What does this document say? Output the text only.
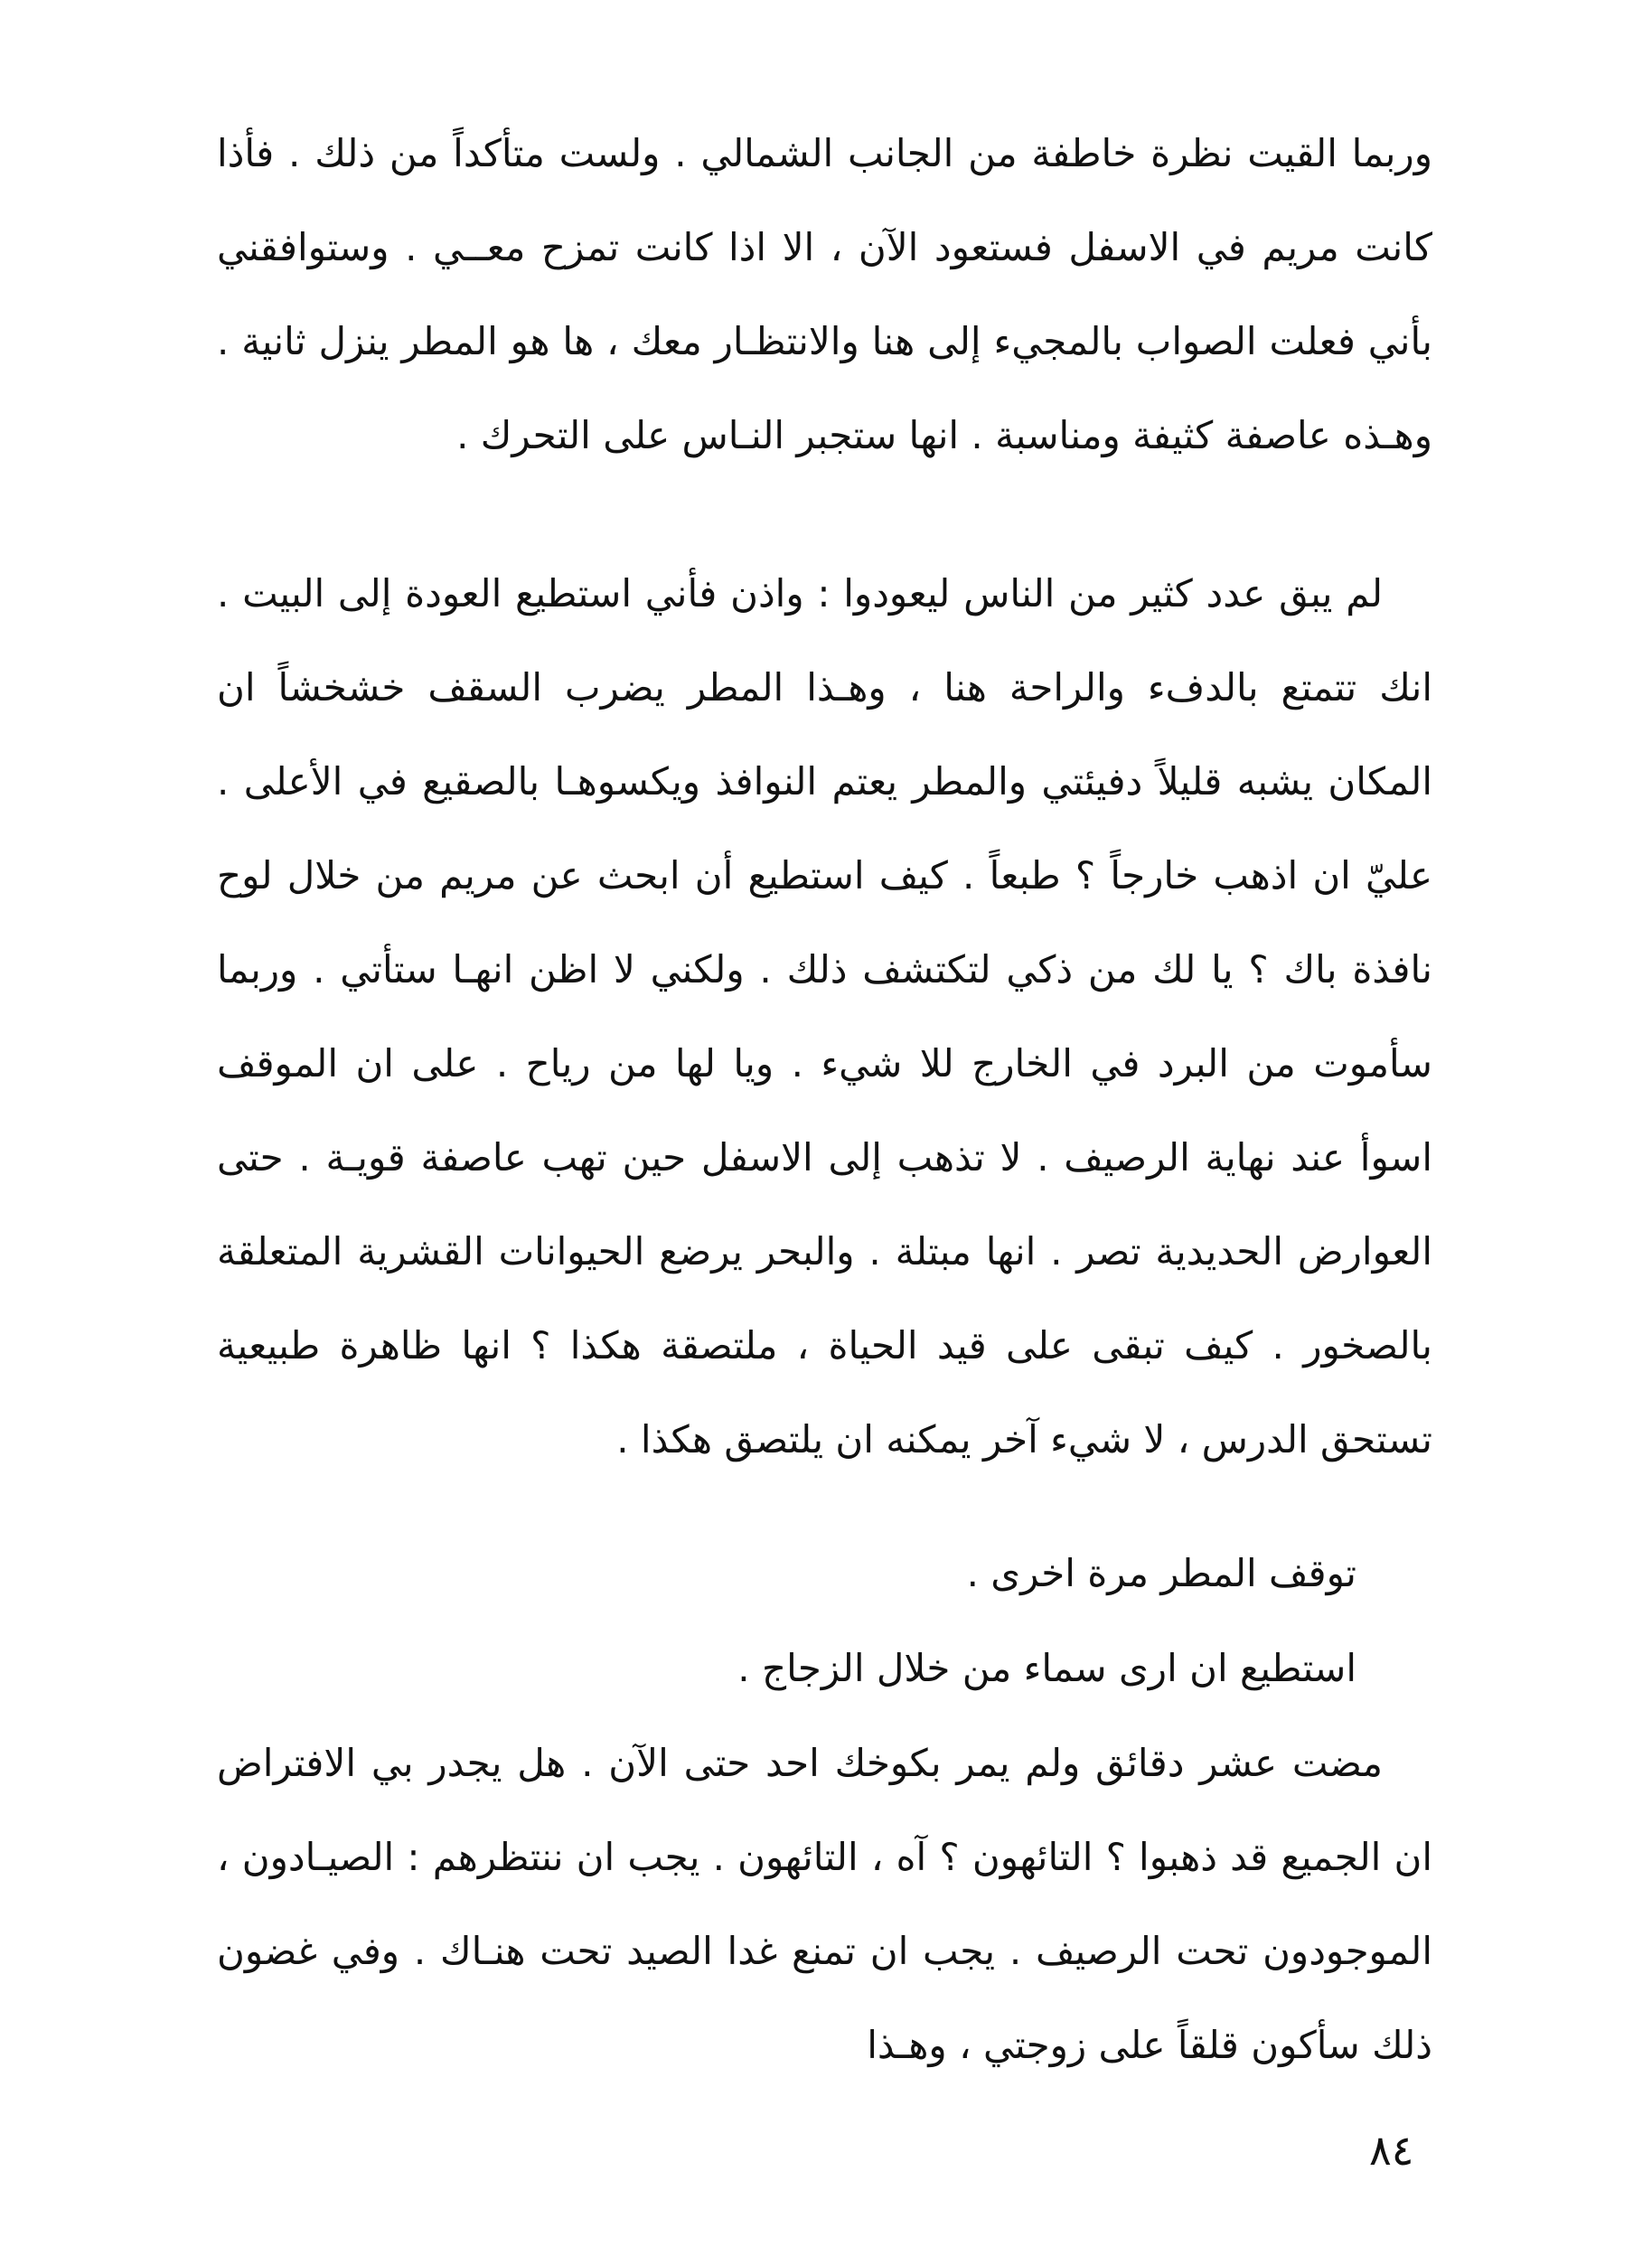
وربما القيت نظرة خاطفة من الجانب الشمالي . ولست متأكداً من ذلك . فأذا كانت مريم في الاسفل فستعود الآن ، الا اذا كانت تمزح معــي . وستوافقني بأني فعلت الصواب بالمجيء إلى هنا والانتظـار معك ، ها هو المطر ينزل ثانية . وهـذه عاصفة كثيفة ومناسبة . انها ستجبر النـاس على التحرك .

لم يبق عدد كثير من الناس ليعودوا : واذن فأني استطيع العودة إلى البيت . انك تتمتع بالدفء والراحة هنا ، وهـذا المطر يضرب السقف خشخشاً ان المكان يشبه قليلاً دفيئتي والمطر يعتم النوافذ ويكسوهـا بالصقيع في الأعلى . عليّ ان اذهب خارجاً ؟ طبعاً . كيف استطيع أن ابحث عن مريم من خلال لوح نافذة باك ؟ يا لك من ذكي لتكتشف ذلك . ولكني لا اظن انهـا ستأتي . وربما سأموت من البرد في الخارج للا شيء . ويا لها من رياح . على ان الموقف اسوأ عند نهاية الرصيف . لا تذهب إلى الاسفل حين تهب عاصفة قويـة . حتى العوارض الحديدية تصر . انها مبتلة . والبحر يرضع الحيوانات القشرية المتعلقة بالصخور . كيف تبقى على قيد الحياة ، ملتصقة هكذا ؟ انها ظاهرة طبيعية تستحق الدرس ، لا شيء آخر يمكنه ان يلتصق هكذا .

توقف المطر مرة اخرى .

استطيع ان ارى سماء من خلال الزجاج .

مضت عشر دقائق ولم يمر بكوخك احد حتى الآن . هل يجدر بي الافتراض ان الجميع قد ذهبوا ؟ التائهون ؟ آه ، التائهون . يجب ان ننتظرهم : الصيـادون ، الموجودون تحت الرصيف . يجب ان تمنع غدا الصيد تحت هنـاك . وفي غضون ذلك سأكون قلقاً على زوجتي ، وهـذا

٨٤
